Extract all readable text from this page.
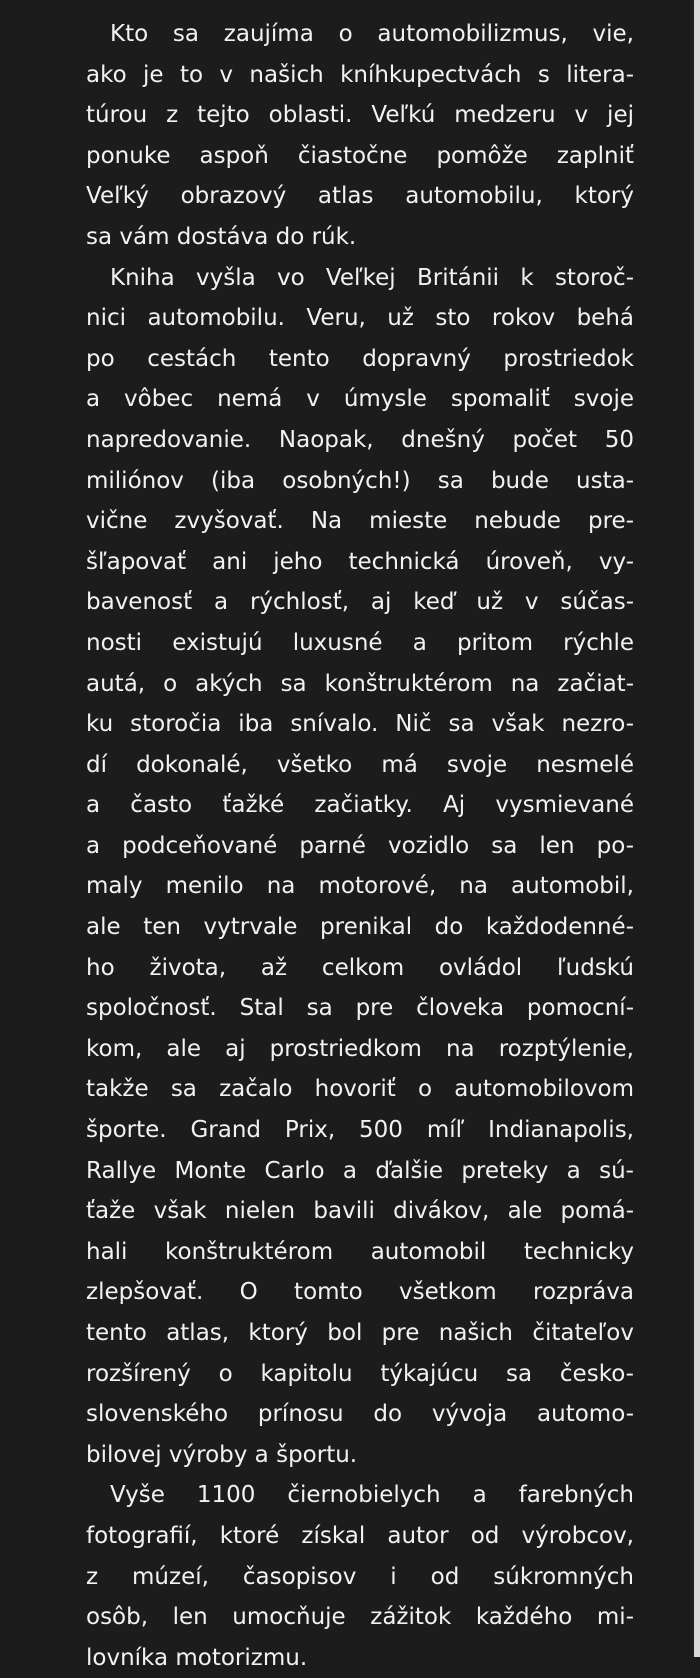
Kto sa zaujíma o automobilizmus, vie,
ako je to v našich kníhkupectvách s litera-
túrou z tejto oblasti. Veľkú medzeru v jej
ponuke aspoň čiastočne pomôže zaplniť
Veľký obrazový atlas automobilu, ktorý
sa vám dostáva do rúk.
Kniha vyšla vo Veľkej Británii k storoč-
nici automobilu. Veru, už sto rokov behá
po cestách tento dopravný prostriedok
a vôbec nemá v úmysle spomaliť svoje
napredovanie. Naopak, dnešný počet 50
miliónov (iba osobných!) sa bude usta-
vične zvyšovať. Na mieste nebude pre-
šľapovať ani jeho technická úroveň, vy-
bavenosť a rýchlosť, aj keď už v súčas-
nosti existujú luxusné a pritom rýchle
autá, o akých sa konštruktérom na začiat-
ku storočia iba snívalo. Nič sa však nezro-
dí dokonalé, všetko má svoje nesmelé
a často ťažké začiatky. Aj vysmievané
a podceňované parné vozidlo sa len po-
maly menilo na motorové, na automobil,
ale ten vytrvale prenikal do každodenné-
ho života, až celkom ovládol ľudskú
spoločnosť. Stal sa pre človeka pomocní-
kom, ale aj prostriedkom na rozptýlenie,
takže sa začalo hovoriť o automobilovom
športe. Grand Prix, 500 míľ Indianapolis,
Rallye Monte Carlo a ďalšie preteky a sú-
ťaže však nielen bavili divákov, ale pomá-
hali konštruktérom automobil technicky
zlepšovať. O tomto všetkom rozpráva
tento atlas, ktorý bol pre našich čitateľov
rozšírený o kapitolu týkajúcu sa česko-
slovenského prínosu do vývoja automo-
bilovej výroby a športu.
Vyše 1100 čiernobielych a farebných
fotografií, ktoré získal autor od výrobcov,
z múzeí, časopisov i od súkromných
osôb, len umocňuje zážitok každého mi-
lovníka motorizmu.
